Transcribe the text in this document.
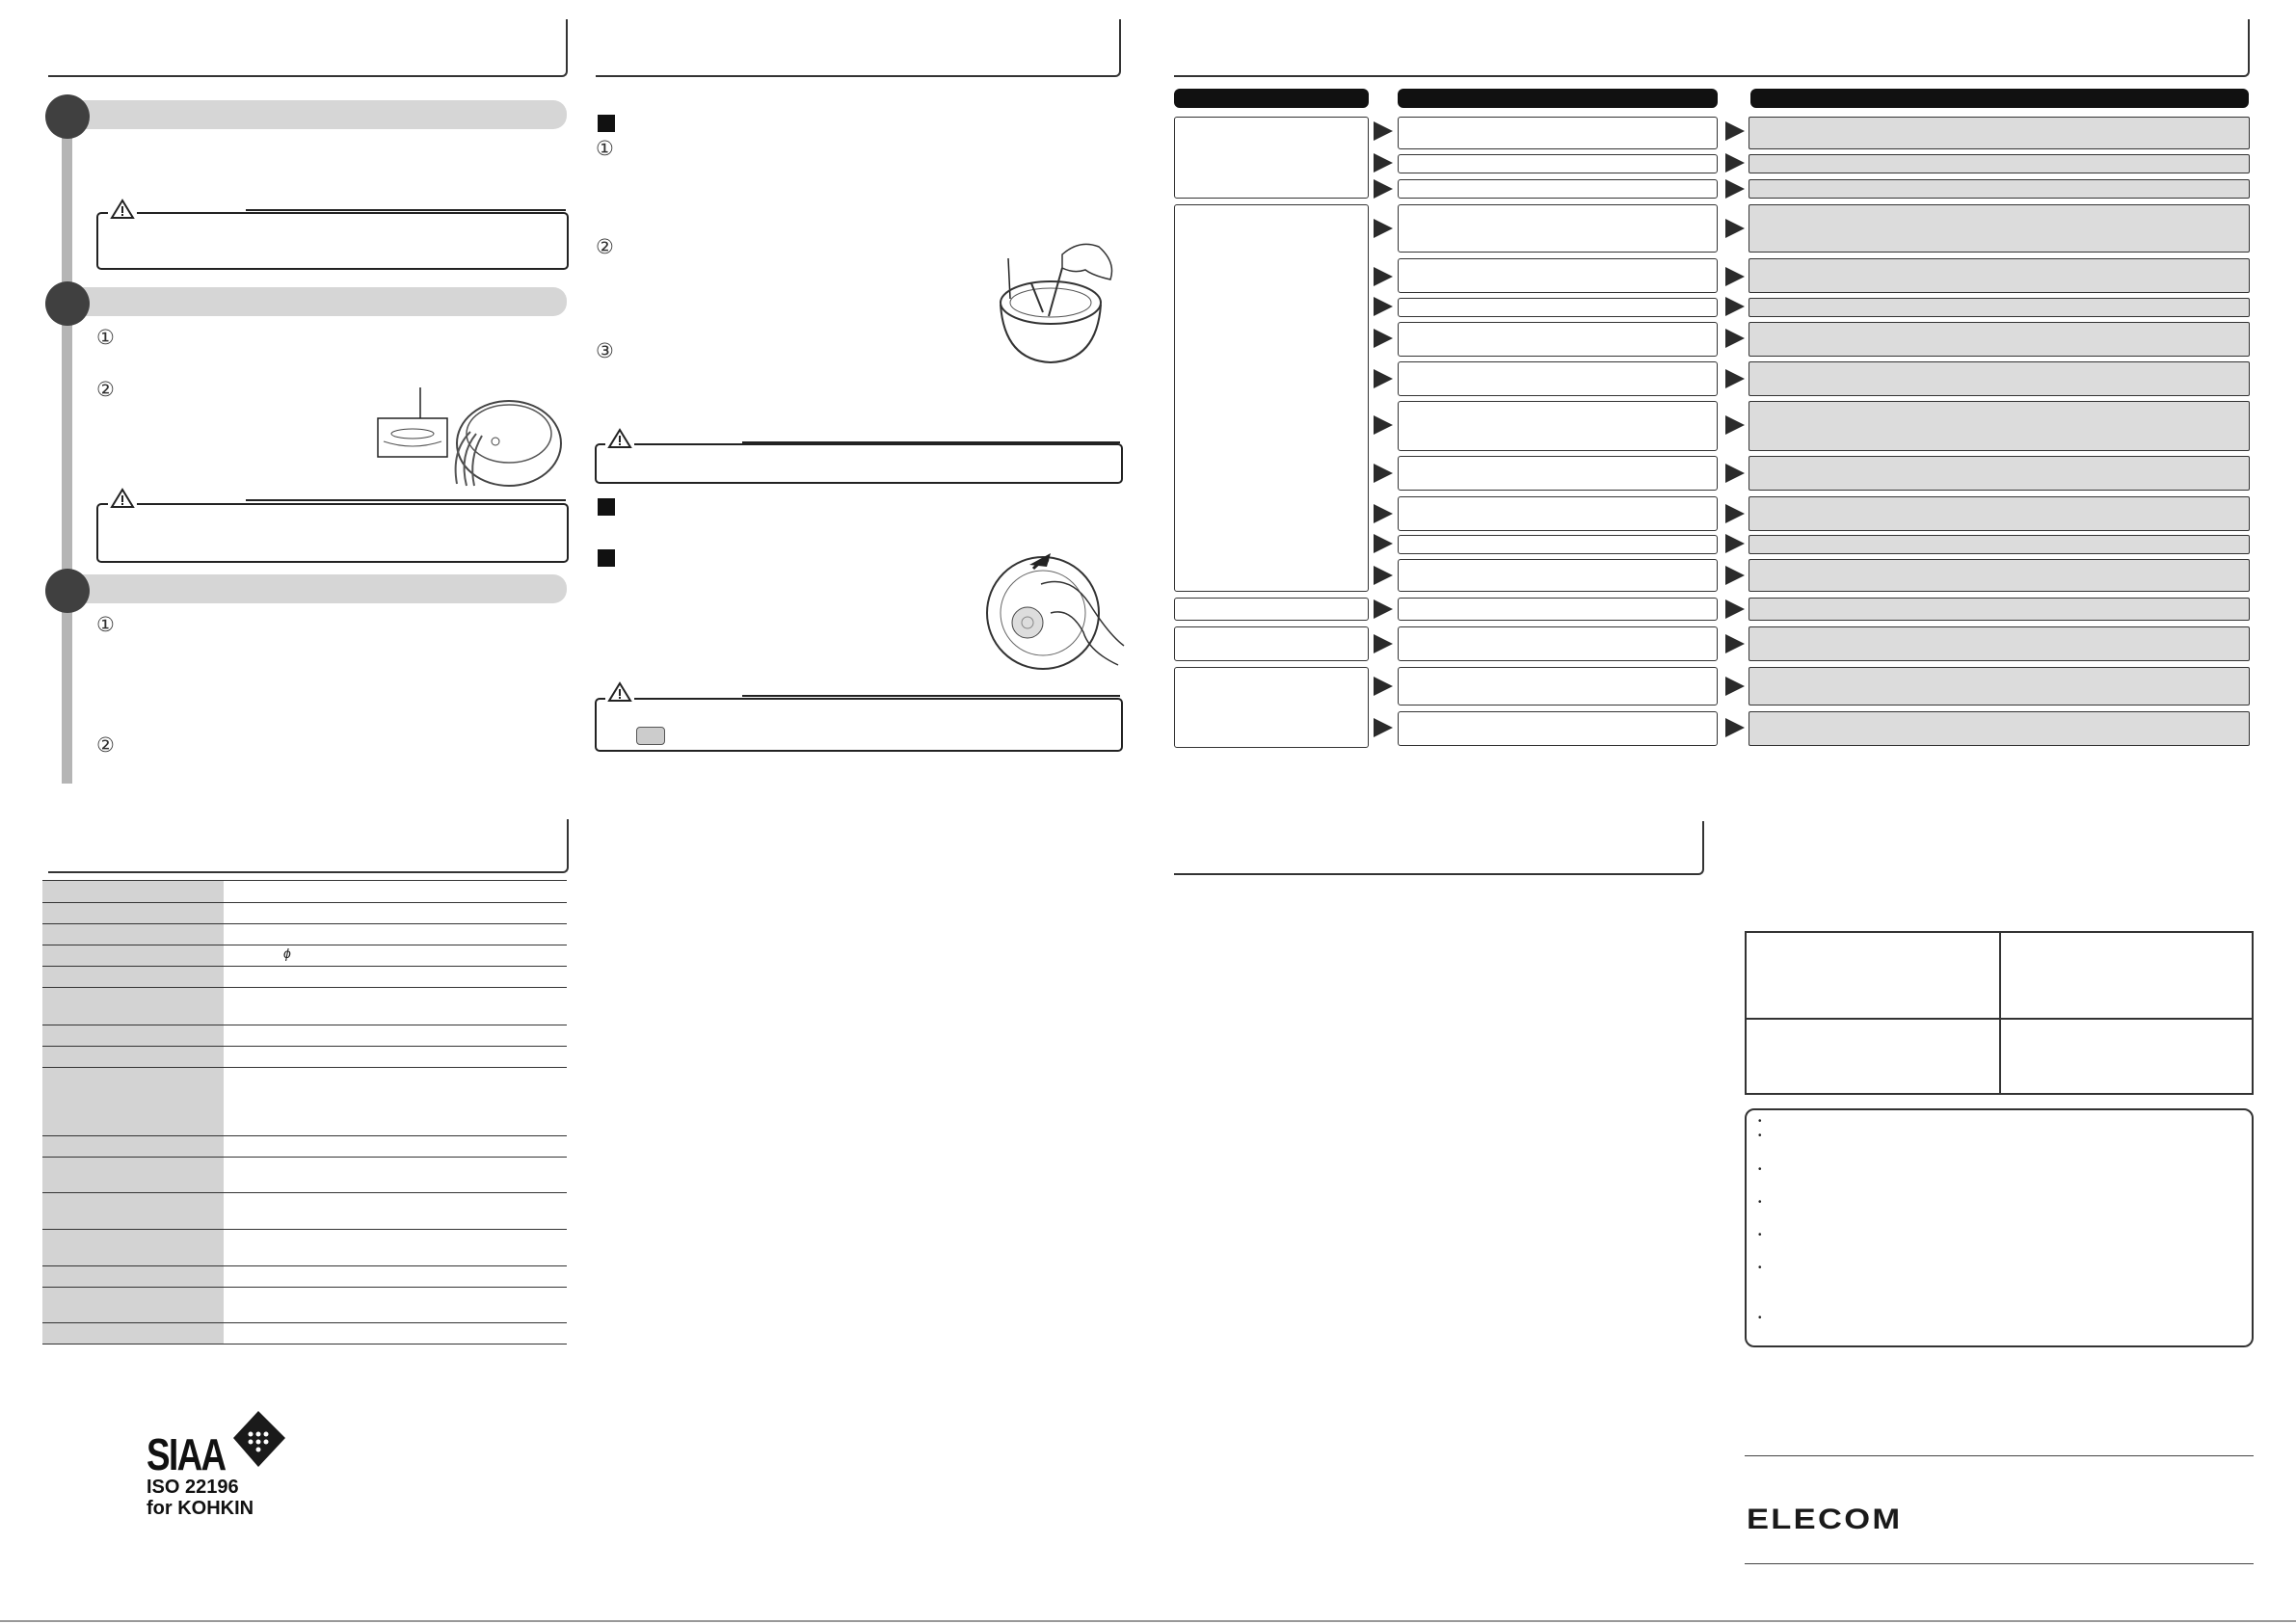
①
②
①
②
①
②
③
ϕ
SIAA
ISO 22196
for KOHKIN
•
•
•
•
•
•
•
ELECOM
